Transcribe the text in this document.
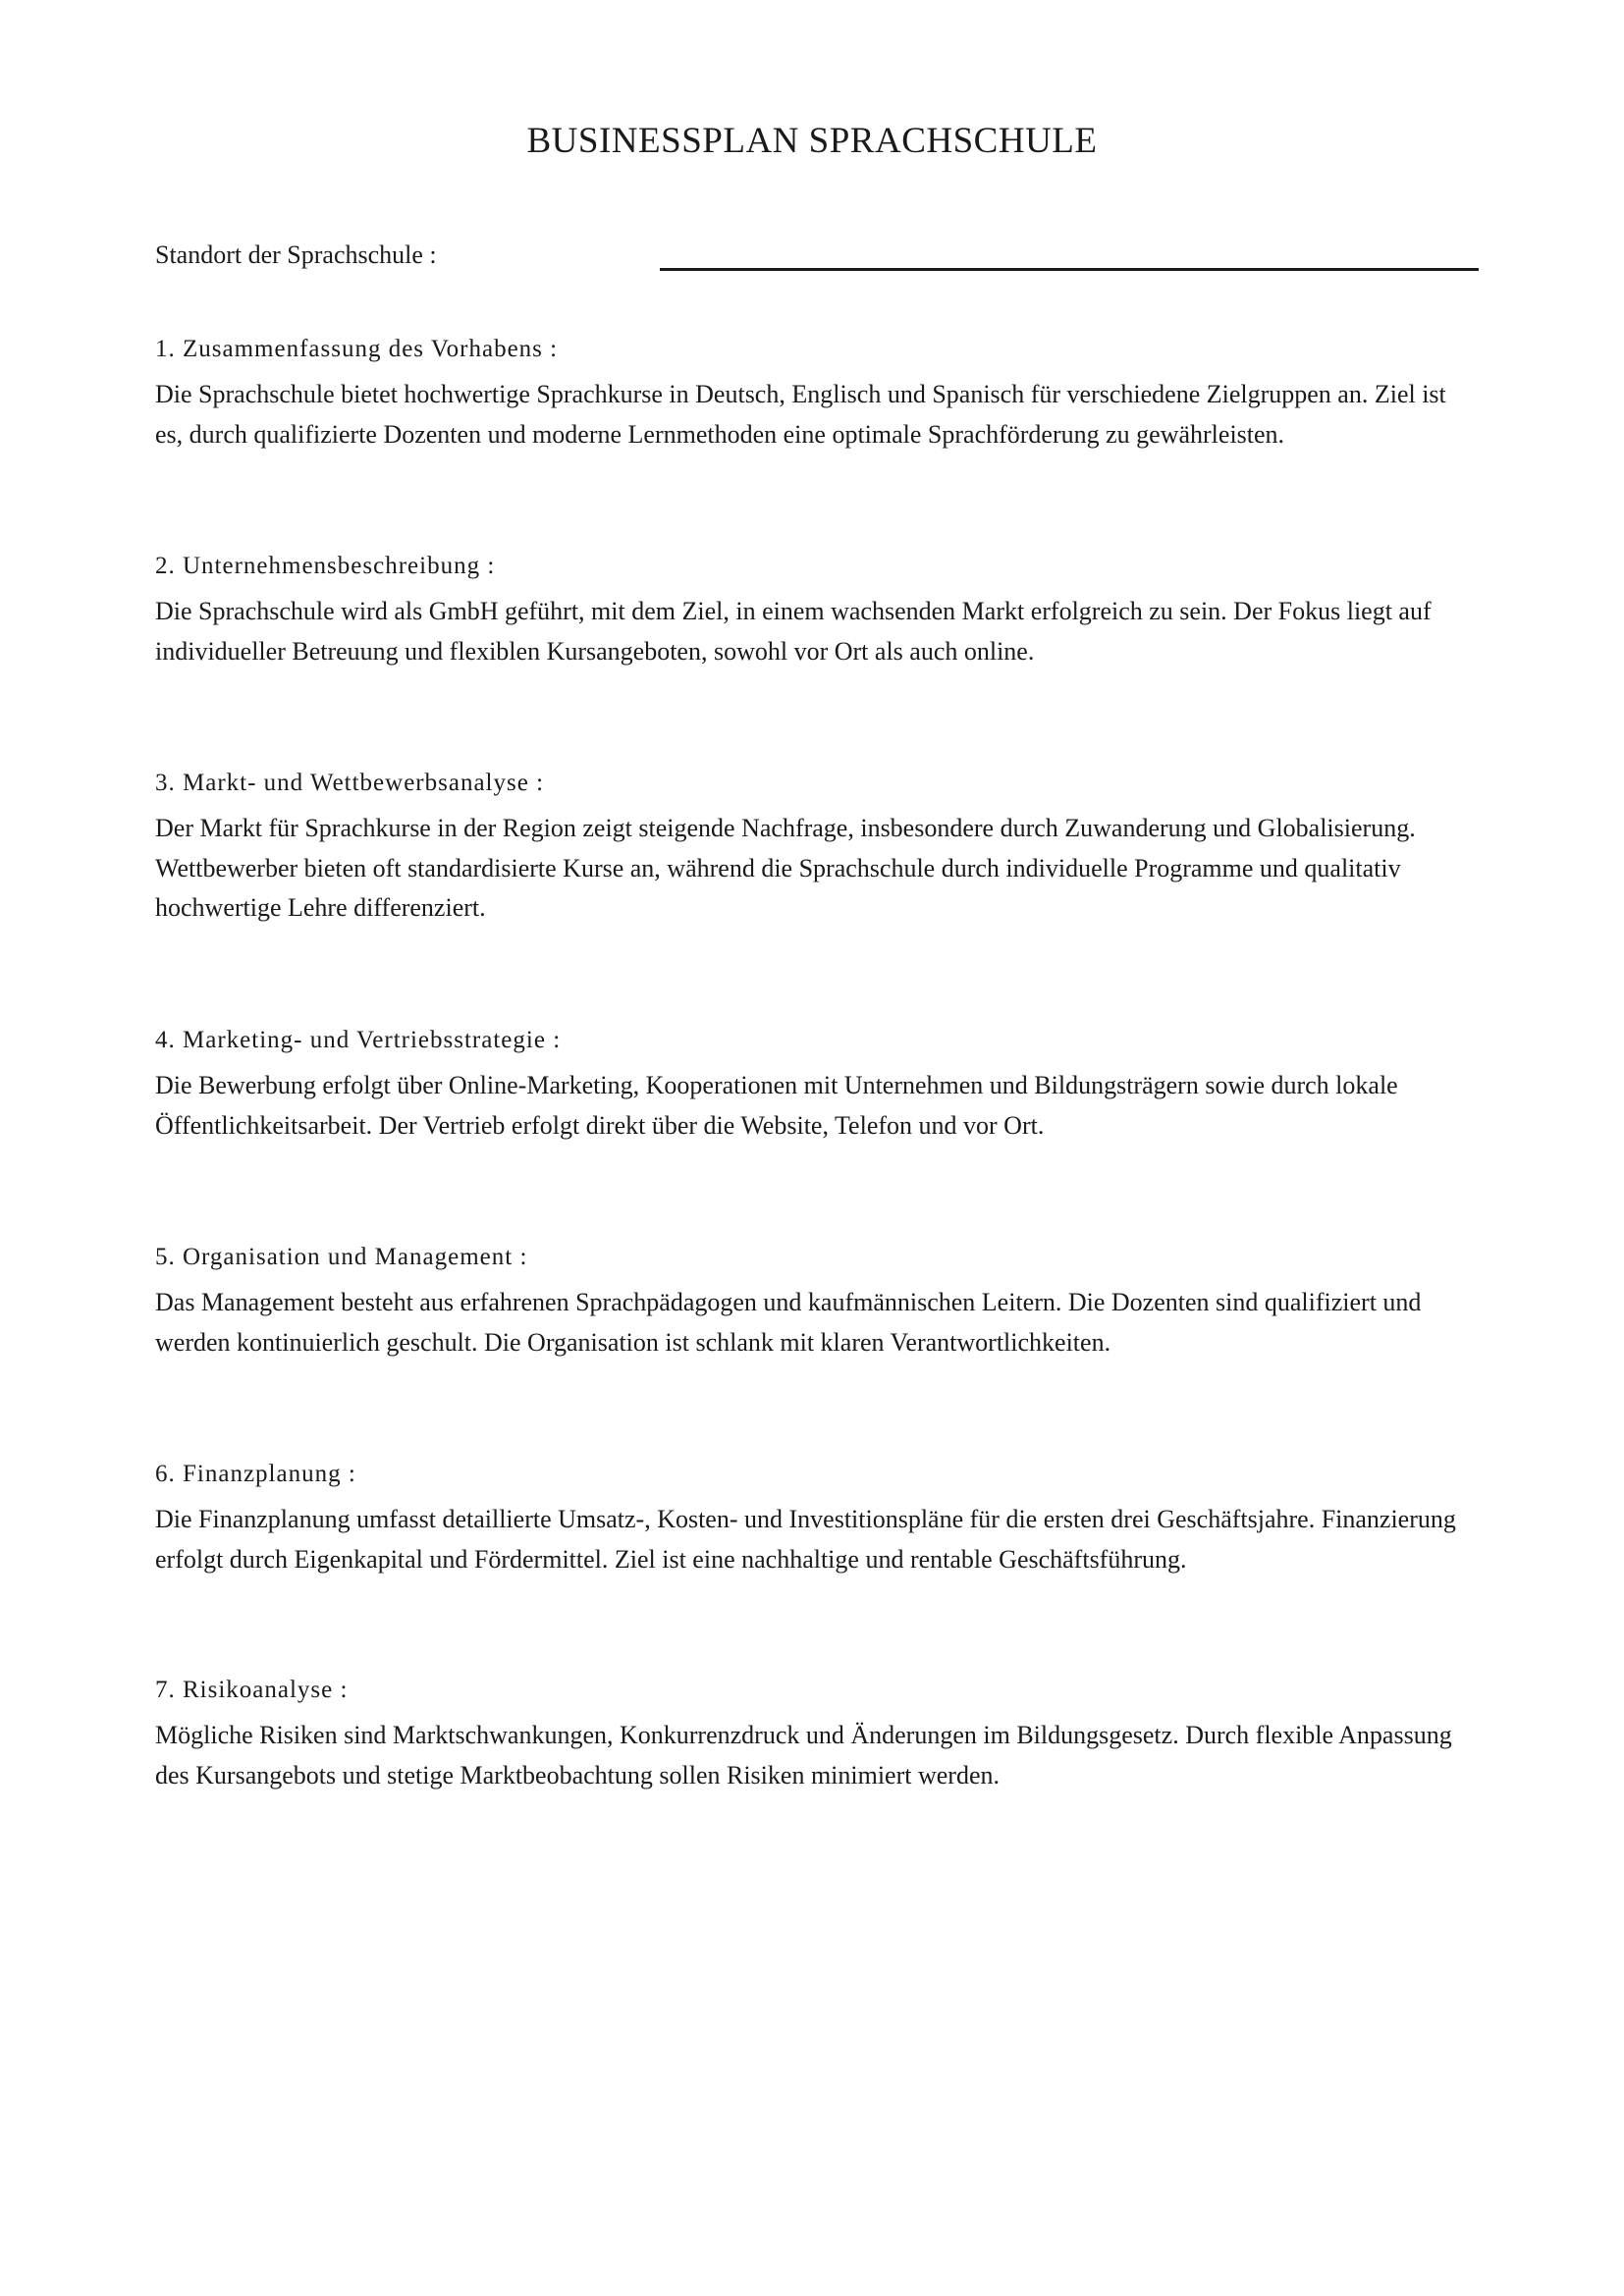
BUSINESSPLAN SPRACHSCHULE
Standort der Sprachschule :
1. Zusammenfassung des Vorhabens :

Die Sprachschule bietet hochwertige Sprachkurse in Deutsch, Englisch und Spanisch für verschiedene Zielgruppen an. Ziel ist es, durch qualifizierte Dozenten und moderne Lernmethoden eine optimale Sprachförderung zu gewährleisten.

2. Unternehmensbeschreibung :

Die Sprachschule wird als GmbH geführt, mit dem Ziel, in einem wachsenden Markt erfolgreich zu sein. Der Fokus liegt auf individueller Betreuung und flexiblen Kursangeboten, sowohl vor Ort als auch online.

3. Markt- und Wettbewerbsanalyse :

Der Markt für Sprachkurse in der Region zeigt steigende Nachfrage, insbesondere durch Zuwanderung und Globalisierung. Wettbewerber bieten oft standardisierte Kurse an, während die Sprachschule durch individuelle Programme und qualitativ hochwertige Lehre differenziert.

4. Marketing- und Vertriebsstrategie :

Die Bewerbung erfolgt über Online-Marketing, Kooperationen mit Unternehmen und Bildungsträgern sowie durch lokale Öffentlichkeitsarbeit. Der Vertrieb erfolgt direkt über die Website, Telefon und vor Ort.

5. Organisation und Management :

Das Management besteht aus erfahrenen Sprachpädagogen und kaufmännischen Leitern. Die Dozenten sind qualifiziert und werden kontinuierlich geschult. Die Organisation ist schlank mit klaren Verantwortlichkeiten.

6. Finanzplanung :

Die Finanzplanung umfasst detaillierte Umsatz-, Kosten- und Investitionspläne für die ersten drei Geschäftsjahre. Finanzierung erfolgt durch Eigenkapital und Fördermittel. Ziel ist eine nachhaltige und rentable Geschäftsführung.

7. Risikoanalyse :

Mögliche Risiken sind Marktschwankungen, Konkurrenzdruck und Änderungen im Bildungsgesetz. Durch flexible Anpassung des Kursangebots und stetige Marktbeobachtung sollen Risiken minimiert werden.
